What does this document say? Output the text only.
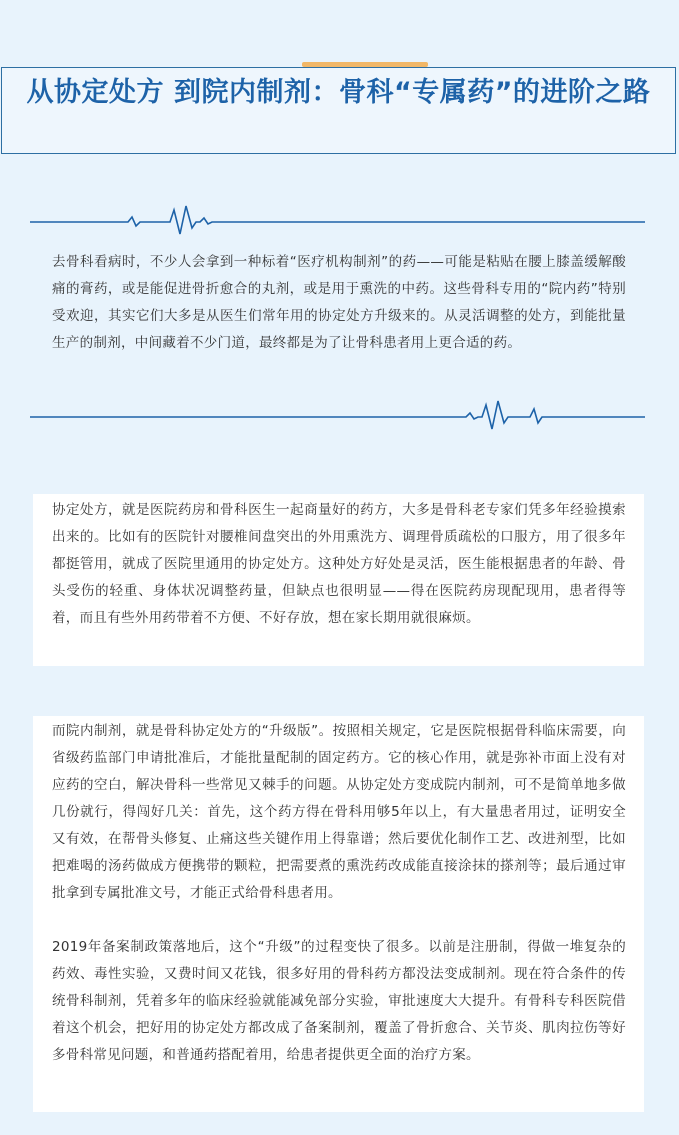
从协定处方 到院内制剂：骨科“专属药”的进阶之路

去骨科看病时，不少人会拿到一种标着“医疗机构制剂”的药——可能是粘贴在腰上膝盖缓解酸痛的膏药，或是能促进骨折愈合的丸剂，或是用于熏洗的中药。这些骨科专用的“院内药”特别受欢迎，其实它们大多是从医生们常年用的协定处方升级来的。从灵活调整的处方，到能批量生产的制剂，中间藏着不少门道，最终都是为了让骨科患者用上更合适的药。

协定处方，就是医院药房和骨科医生一起商量好的药方，大多是骨科老专家们凭多年经验摸索出来的。比如有的医院针对腰椎间盘突出的外用熏洗方、调理骨质疏松的口服方，用了很多年都挺管用，就成了医院里通用的协定处方。这种处方好处是灵活，医生能根据患者的年龄、骨头受伤的轻重、身体状况调整药量，但缺点也很明显——得在医院药房现配现用，患者得等着，而且有些外用药带着不方便、不好存放，想在家长期用就很麻烦。

而院内制剂，就是骨科协定处方的“升级版”。按照相关规定，它是医院根据骨科临床需要，向省级药监部门申请批准后，才能批量配制的固定药方。它的核心作用，就是弥补市面上没有对应药的空白，解决骨科一些常见又棘手的问题。从协定处方变成院内制剂，可不是简单地多做几份就行，得闯好几关：首先，这个药方得在骨科用够5年以上，有大量患者用过，证明安全又有效，在帮骨头修复、止痛这些关键作用上得靠谱；然后要优化制作工艺、改进剂型，比如把难喝的汤药做成方便携带的颗粒，把需要煮的熏洗药改成能直接涂抹的搽剂等；最后通过审批拿到专属批准文号，才能正式给骨科患者用。

2019年备案制政策落地后，这个“升级”的过程变快了很多。以前是注册制，得做一堆复杂的药效、毒性实验，又费时间又花钱，很多好用的骨科药方都没法变成制剂。现在符合条件的传统骨科制剂，凭着多年的临床经验就能减免部分实验，审批速度大大提升。有骨科专科医院借着这个机会，把好用的协定处方都改成了备案制剂，覆盖了骨折愈合、关节炎、肌肉拉伤等好多骨科常见问题，和普通药搭配着用，给患者提供更全面的治疗方案。
